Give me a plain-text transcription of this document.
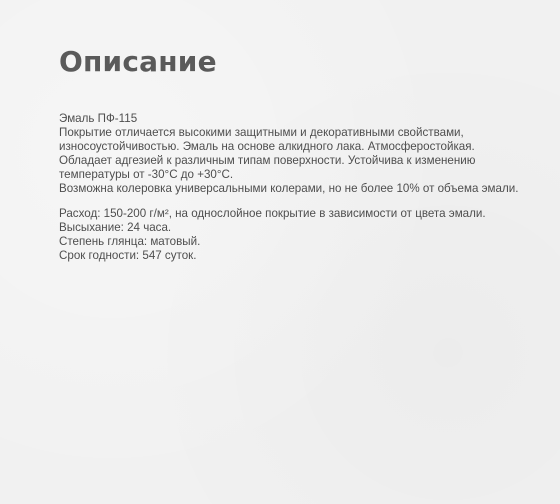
Описание

Эмаль ПФ-115

Покрытие отличается высокими защитными и декоративными свойствами,

износоустойчивостью. Эмаль на основе алкидного лака. Атмосферостойкая.

Обладает адгезией к различным типам поверхности. Устойчива к изменению

температуры от -30°С до +30°С.

Возможна колеровка универсальными колерами, но не более 10% от объема эмали.

Расход: 150-200 г/м², на однослойное покрытие в зависимости от цвета эмали.

Высыхание: 24 часа.

Степень глянца: матовый.

Срок годности: 547 суток.
